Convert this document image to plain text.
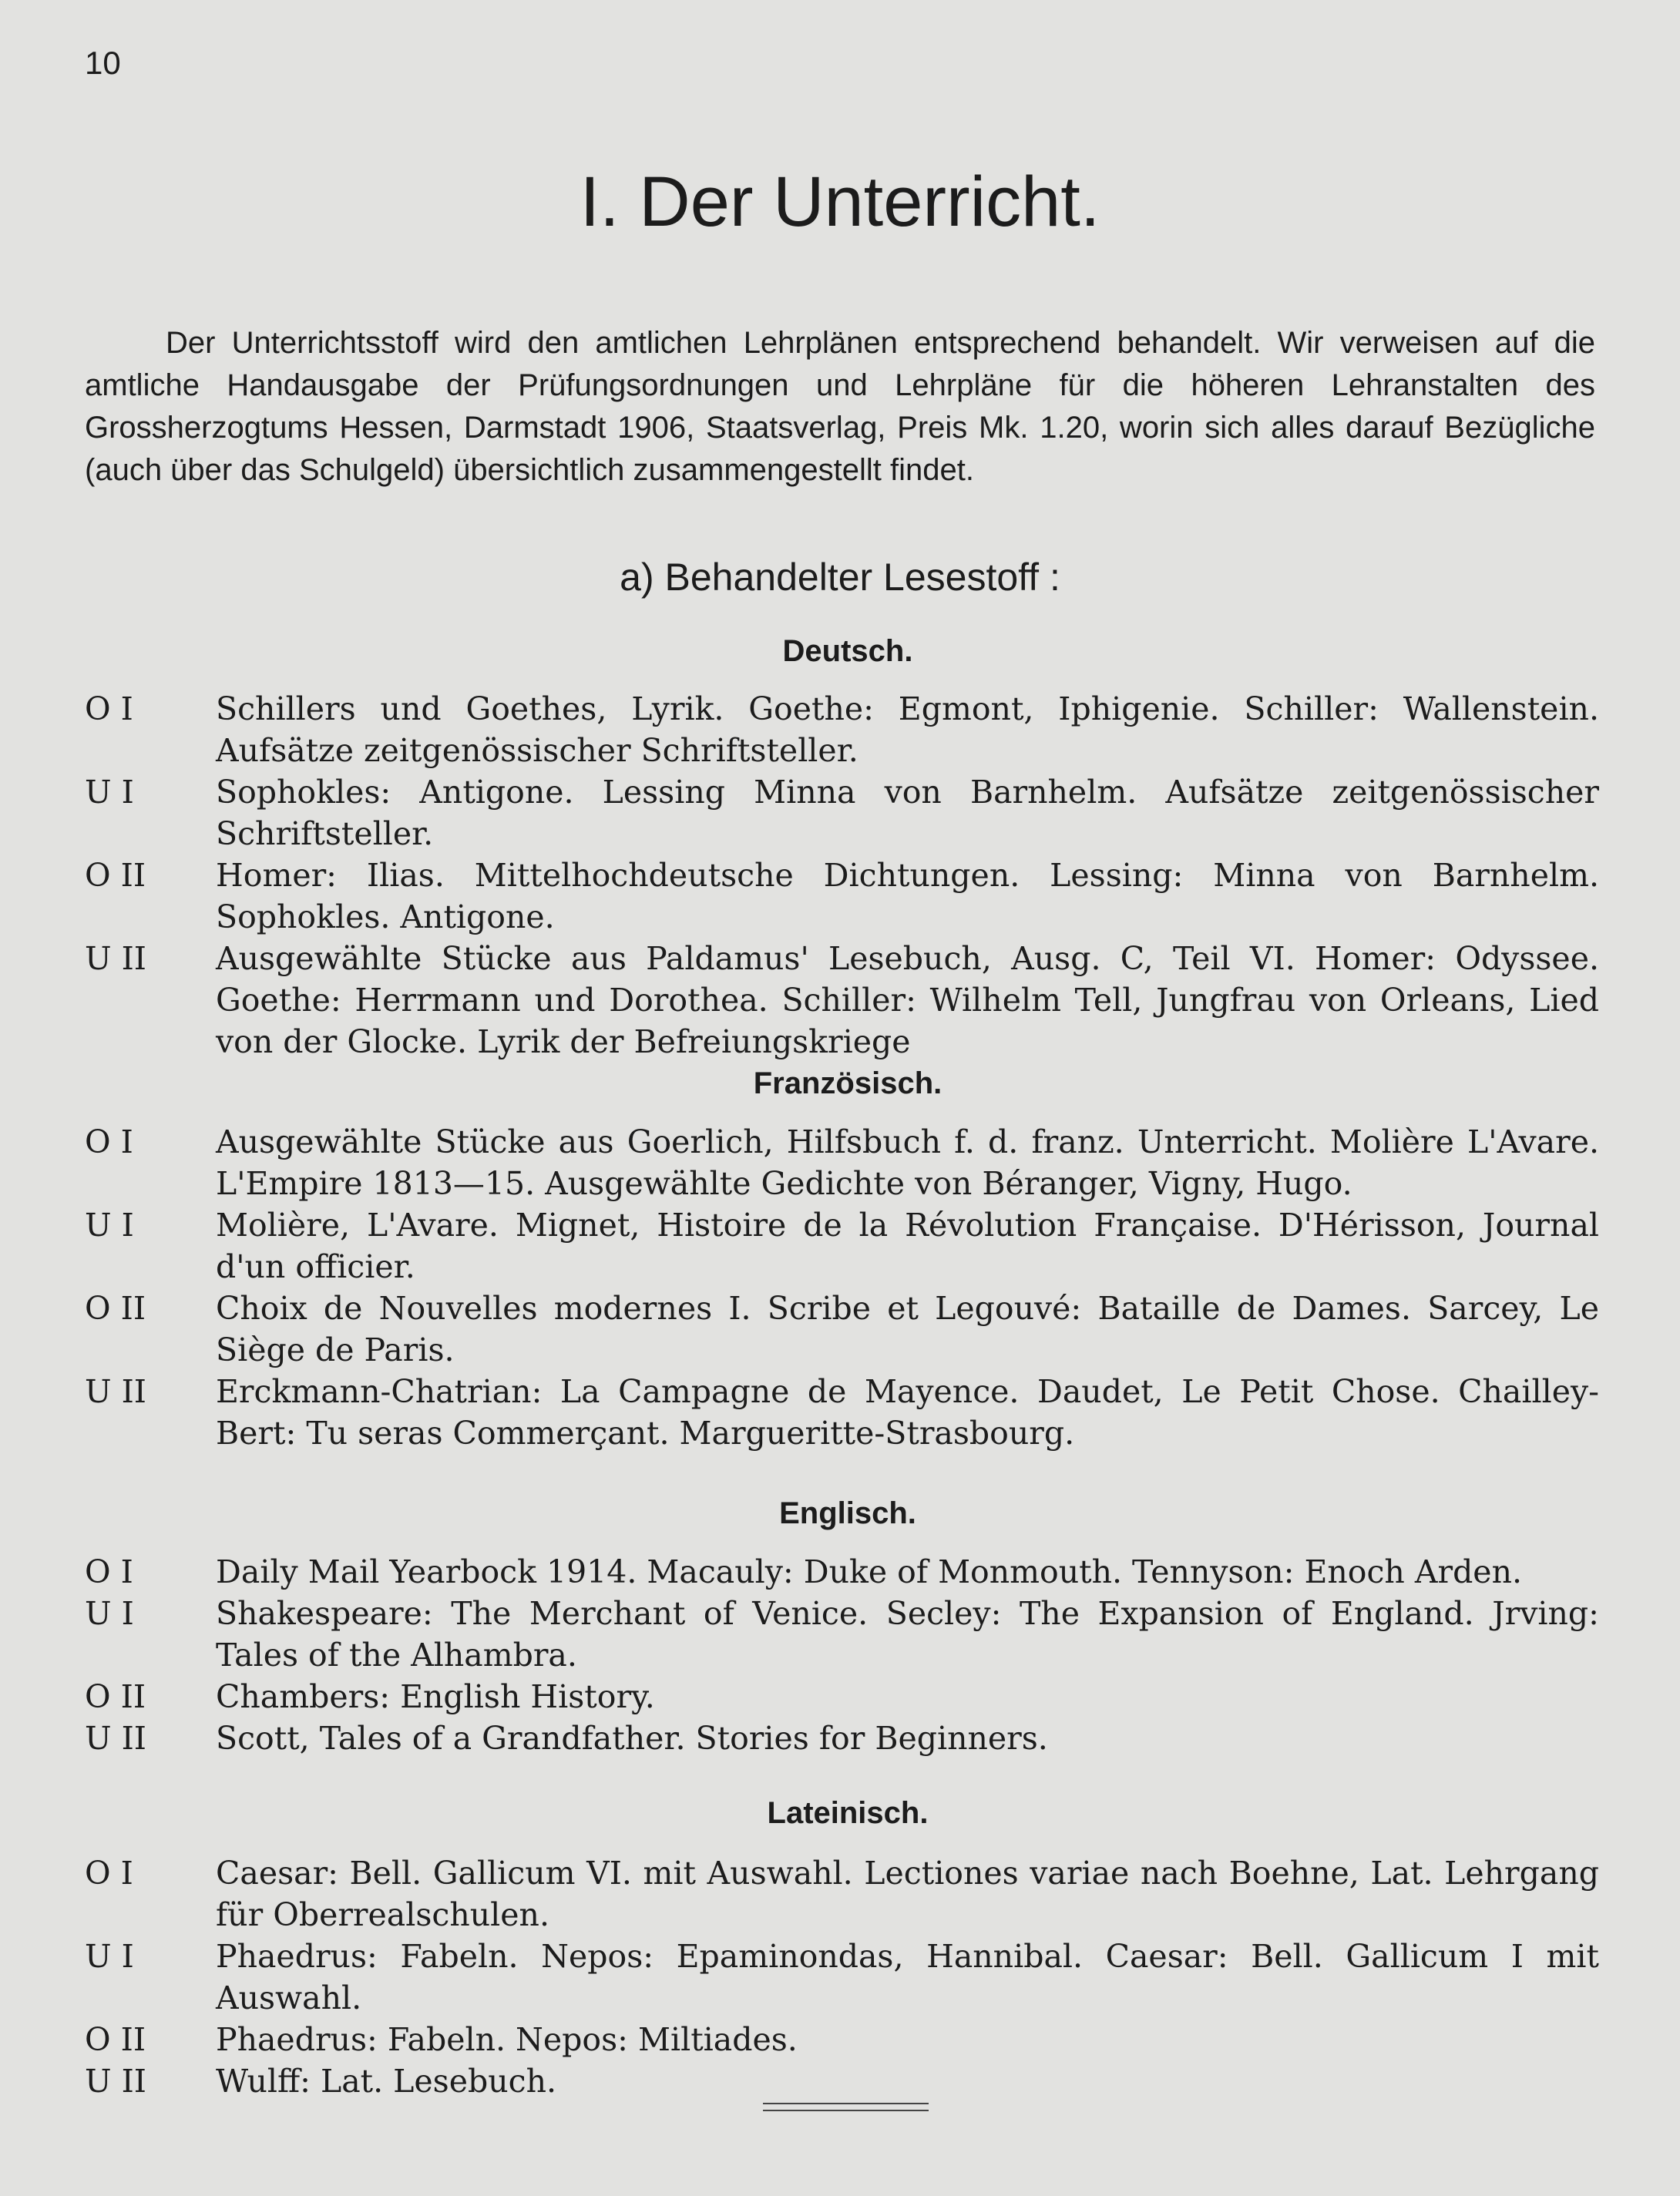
10
I. Der Unterricht.
Der Unterrichtsstoff wird den amtlichen Lehrplänen entsprechend behandelt. Wir verweisen auf die amtliche Handausgabe der Prüfungsordnungen und Lehrpläne für die höheren Lehranstalten des Grossherzogtums Hessen, Darmstadt 1906, Staatsverlag, Preis Mk. 1.20, worin sich alles darauf Bezügliche (auch über das Schulgeld) übersichtlich zusammengestellt findet.
a) Behandelter Lesestoff :
Deutsch.
O I	Schillers und Goethes, Lyrik. Goethe: Egmont, Iphigenie. Schiller: Wallenstein. Aufsätze zeitgenössischer Schriftsteller.
U I	Sophokles: Antigone. Lessing Minna von Barnhelm. Aufsätze zeitgenössischer Schriftsteller.
O II Homer: Ilias. Mittelhochdeutsche Dichtungen. Lessing: Minna von Barnhelm. Sophokles. Antigone.
U II Ausgewählte Stücke aus Paldamus' Lesebuch, Ausg. C, Teil VI. Homer: Odyssee. Goethe: Herrmann und Dorothea. Schiller: Wilhelm Tell, Jungfrau von Orleans, Lied von der Glocke. Lyrik der Befreiungskriege
Französisch.
O I	Ausgewählte Stücke aus Goerlich, Hilfsbuch f. d. franz. Unterricht. Molière L'Avare. L'Empire 1813—15. Ausgewählte Gedichte von Béranger, Vigny, Hugo.
U I	Molière, L'Avare. Mignet, Histoire de la Révolution Française. D'Hérisson, Journal d'un officier.
O II Choix de Nouvelles modernes I. Scribe et Legouvé: Bataille de Dames. Sarcey, Le Siège de Paris.
U II Erckmann-Chatrian: La Campagne de Mayence. Daudet, Le Petit Chose. Chailley-Bert: Tu seras Commerçant. Margueritte-Strasbourg.
Englisch.
O I	Daily Mail Yearbock 1914. Macauly: Duke of Monmouth. Tennyson: Enoch Arden.
U I	Shakespeare: The Merchant of Venice. Secley: The Expansion of England. Jrving: Tales of the Alhambra.
O II Chambers: English History.
U II Scott, Tales of a Grandfather. Stories for Beginners.
Lateinisch.
O I	Caesar: Bell. Gallicum VI. mit Auswahl. Lectiones variae nach Boehne, Lat. Lehrgang für Oberrealschulen.
U I	Phaedrus: Fabeln. Nepos: Epaminondas, Hannibal. Caesar: Bell. Gallicum I mit Auswahl.
O II Phaedrus: Fabeln. Nepos: Miltiades.
U II Wulff: Lat. Lesebuch.
